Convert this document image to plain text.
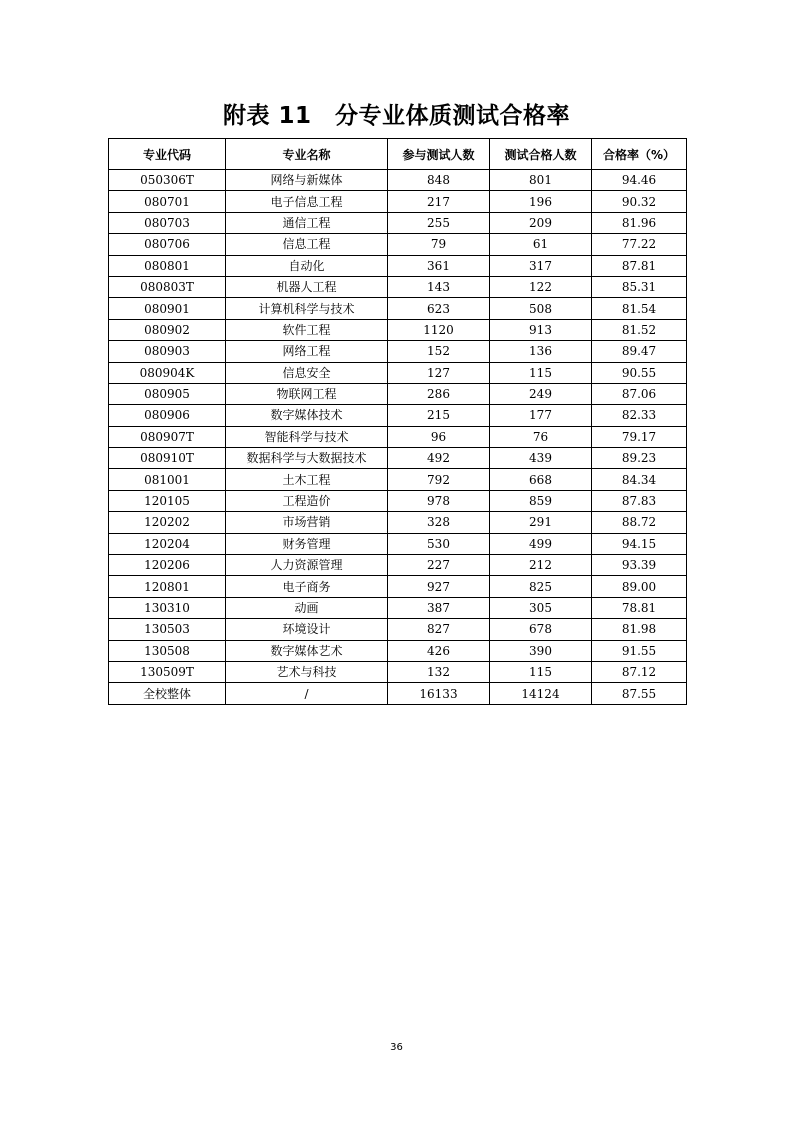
附表 11　分专业体质测试合格率
专业代码	专业名称	参与测试人数	测试合格人数	合格率（%）
050306T	网络与新媒体	848	801	94.46
080701	电子信息工程	217	196	90.32
080703	通信工程	255	209	81.96
080706	信息工程	79	61	77.22
080801	自动化	361	317	87.81
080803T	机器人工程	143	122	85.31
080901	计算机科学与技术	623	508	81.54
080902	软件工程	1120	913	81.52
080903	网络工程	152	136	89.47
080904K	信息安全	127	115	90.55
080905	物联网工程	286	249	87.06
080906	数字媒体技术	215	177	82.33
080907T	智能科学与技术	96	76	79.17
080910T	数据科学与大数据技术	492	439	89.23
081001	土木工程	792	668	84.34
120105	工程造价	978	859	87.83
120202	市场营销	328	291	88.72
120204	财务管理	530	499	94.15
120206	人力资源管理	227	212	93.39
120801	电子商务	927	825	89.00
130310	动画	387	305	78.81
130503	环境设计	827	678	81.98
130508	数字媒体艺术	426	390	91.55
130509T	艺术与科技	132	115	87.12
全校整体	/	16133	14124	87.55
36
